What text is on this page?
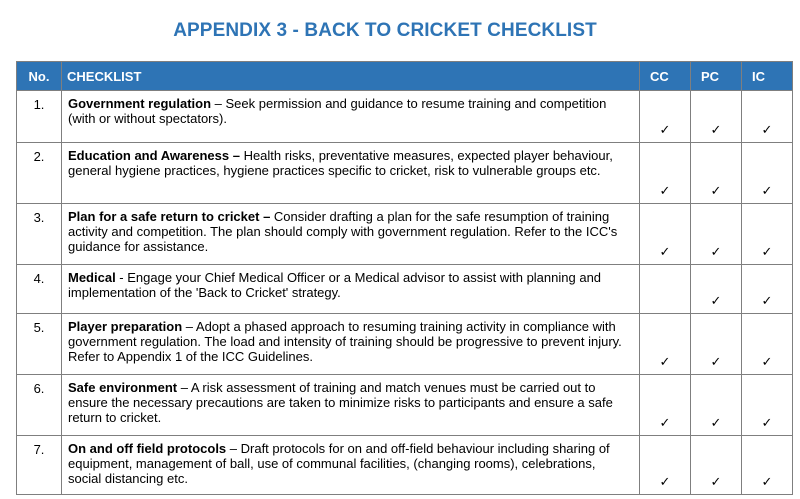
APPENDIX 3 - BACK TO CRICKET CHECKLIST
No.	CHECKLIST	CC	PC	IC
1.	Government regulation – Seek permission and guidance to resume training and competition (with or without spectators).	✓	✓	✓
2.	Education and Awareness – Health risks, preventative measures, expected player behaviour, general hygiene practices, hygiene practices specific to cricket, risk to vulnerable groups etc.	✓	✓	✓
3.	Plan for a safe return to cricket – Consider drafting a plan for the safe resumption of training activity and competition. The plan should comply with government regulation. Refer to the ICC's guidance for assistance.	✓	✓	✓
4.	Medical - Engage your Chief Medical Officer or a Medical advisor to assist with planning and implementation of the 'Back to Cricket' strategy.		✓	✓
5.	Player preparation – Adopt a phased approach to resuming training activity in compliance with government regulation. The load and intensity of training should be progressive to prevent injury. Refer to Appendix 1 of the ICC Guidelines.	✓	✓	✓
6.	Safe environment – A risk assessment of training and match venues must be carried out to ensure the necessary precautions are taken to minimize risks to participants and ensure a safe return to cricket.	✓	✓	✓
7.	On and off field protocols – Draft protocols for on and off-field behaviour including sharing of equipment, management of ball, use of communal facilities, (changing rooms), celebrations, social distancing etc.	✓	✓	✓
